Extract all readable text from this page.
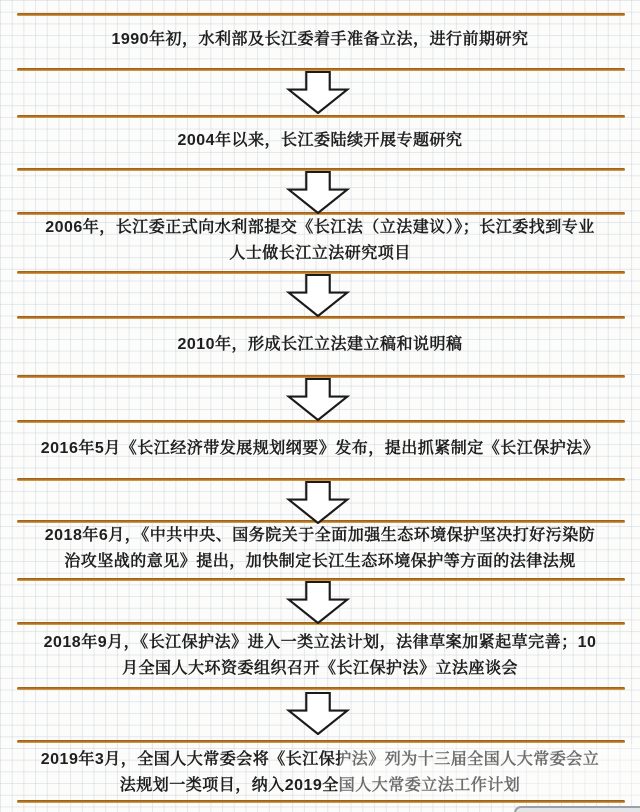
1990年初，水利部及长江委着手准备立法，进行前期研究
2004年以来，长江委陆续开展专题研究
2006年，长江委正式向水利部提交《长江法（立法建议）》；长江委找到专业
人士做长江立法研究项目
2010年，形成长江立法建立稿和说明稿
2016年5月《长江经济带发展规划纲要》发布，提出抓紧制定《长江保护法》
2018年6月，《中共中央、国务院关于全面加强生态环境保护坚决打好污染防
治攻坚战的意见》提出，加快制定长江生态环境保护等方面的法律法规
2018年9月，《长江保护法》进入一类立法计划，法律草案加紧起草完善；10
月全国人大环资委组织召开《长江保护法》立法座谈会
2019年3月，全国人大常委会将《长江保护法》列为十三届全国人大常委会立
法规划一类项目，纳入2019全国人大常委立法工作计划
